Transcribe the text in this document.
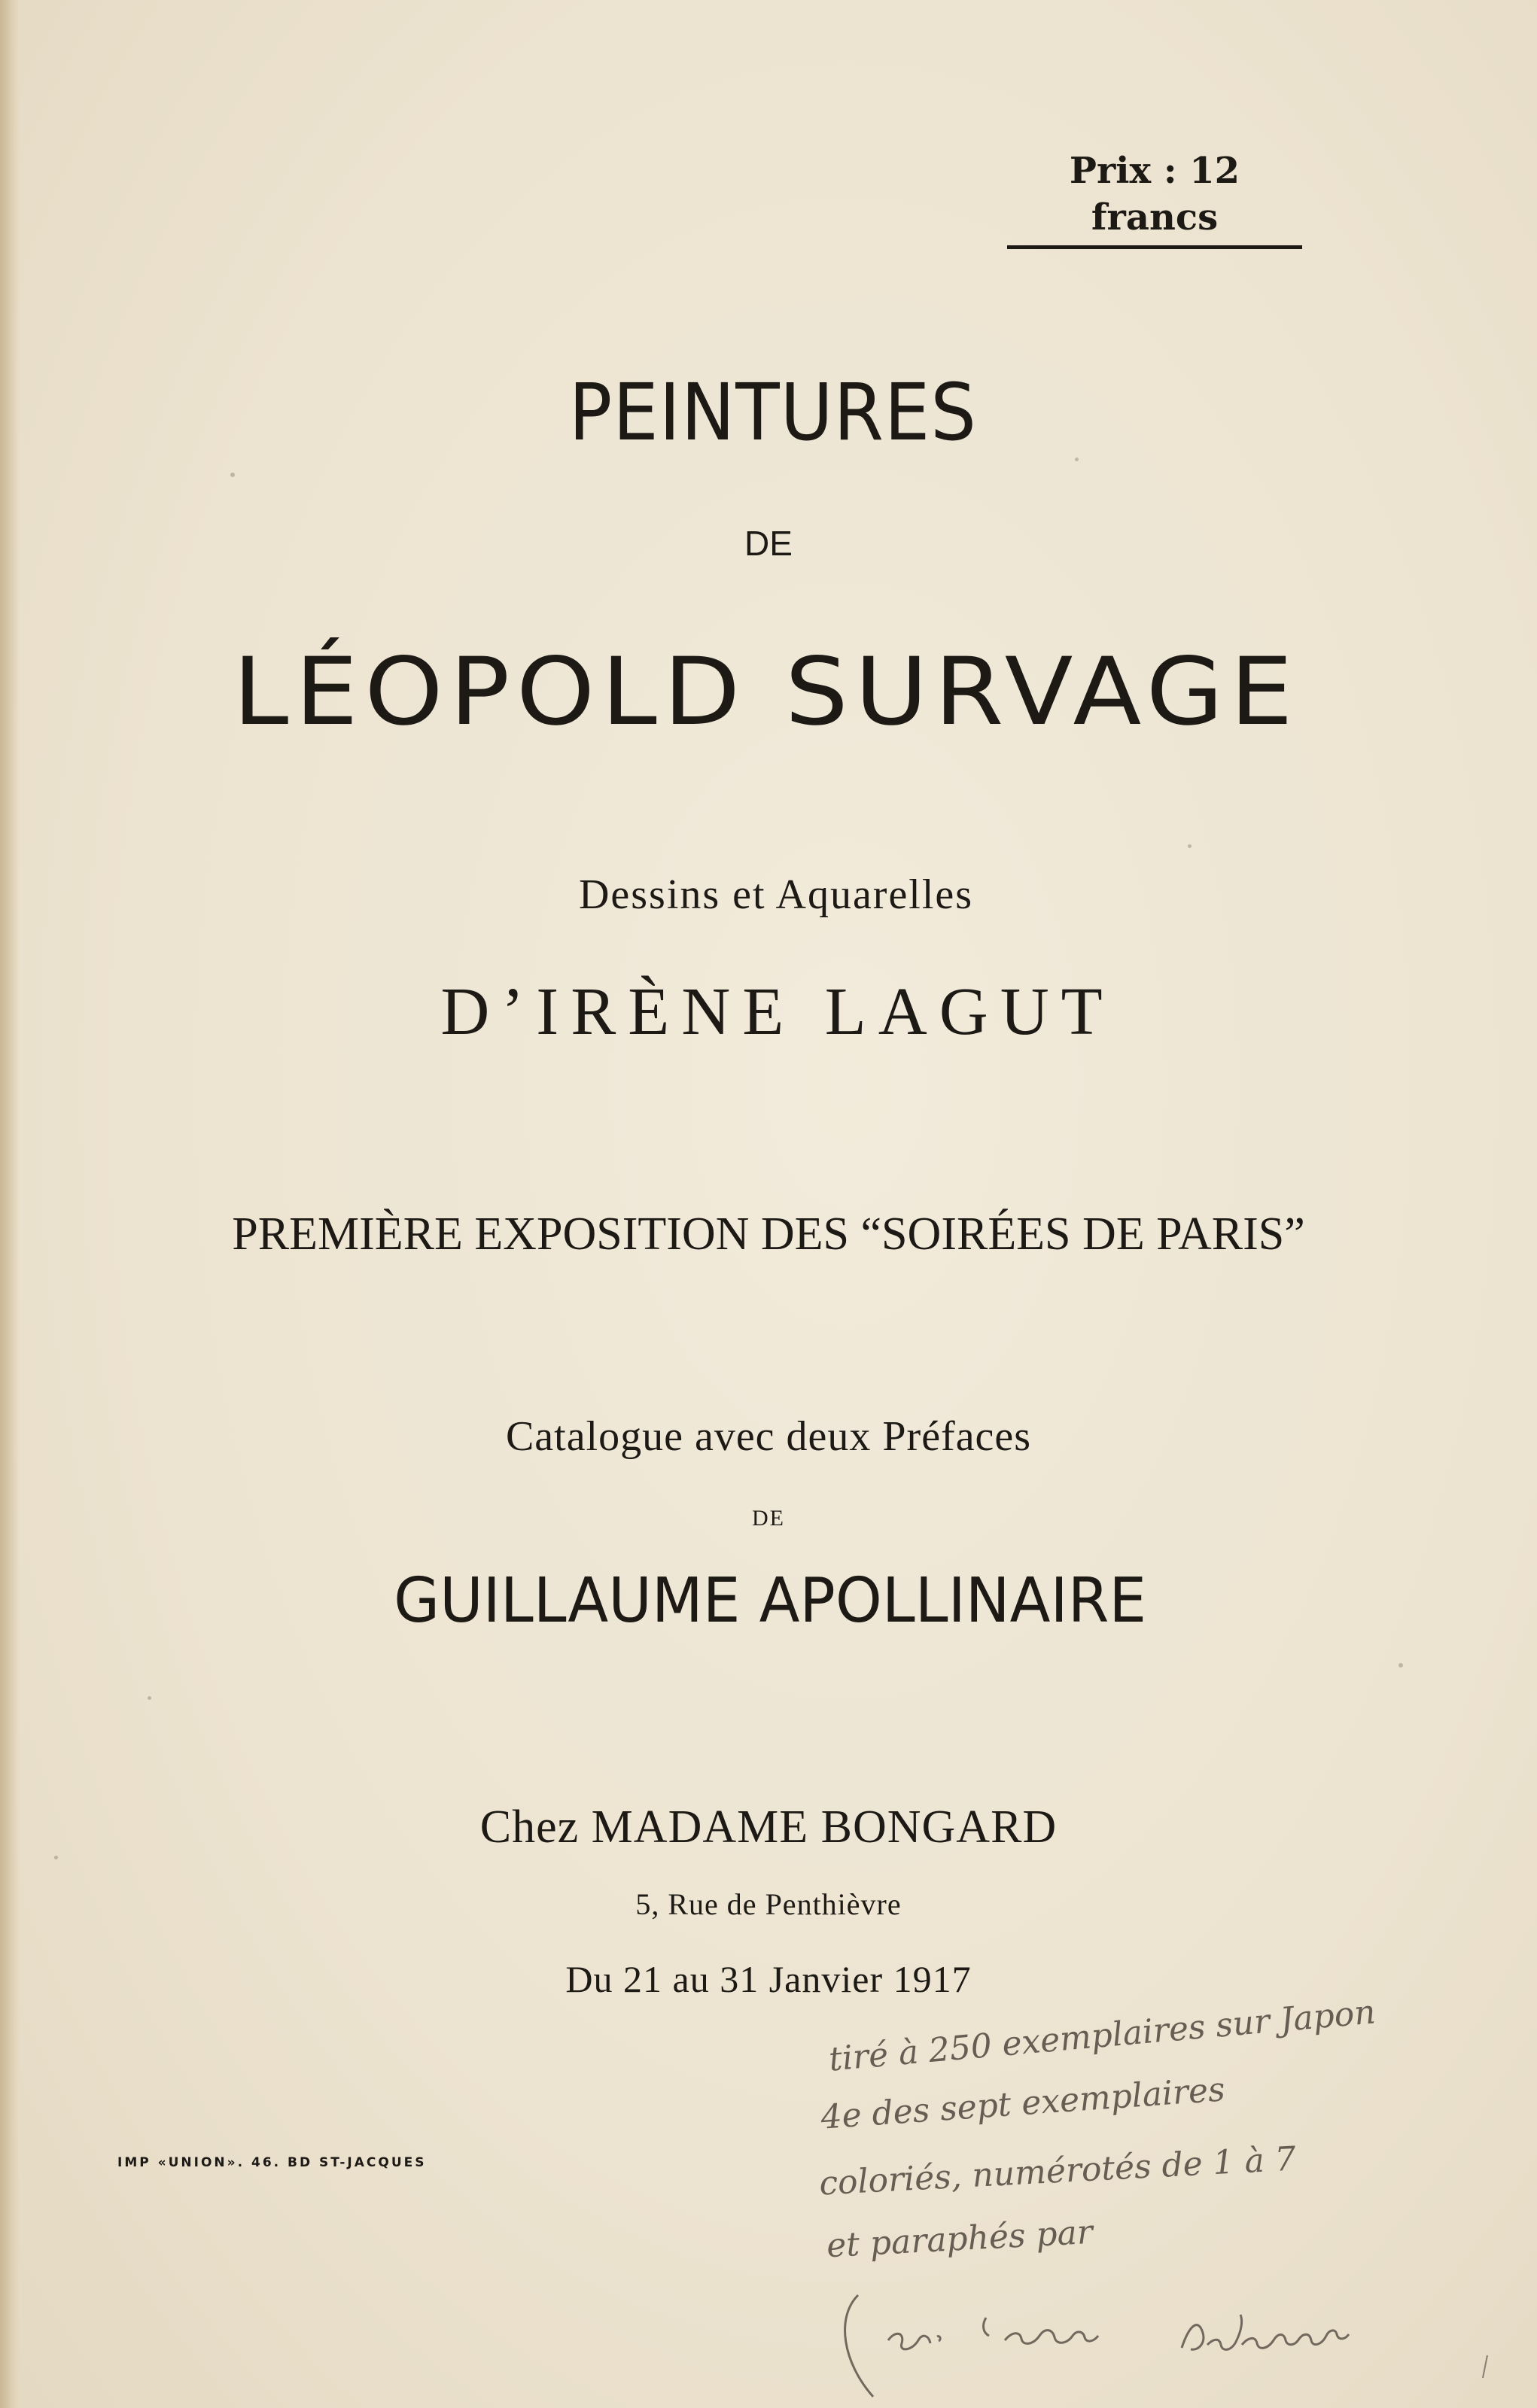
Prix : 12 francs
PEINTURES
DE
LÉOPOLD SURVAGE
Dessins et Aquarelles
D’IRÈNE LAGUT
PREMIÈRE EXPOSITION DES “SOIRÉES DE PARIS”
Catalogue avec deux Préfaces
DE
GUILLAUME APOLLINAIRE
Chez MADAME BONGARD
5, Rue de Penthièvre
Du 21 au 31 Janvier 1917
IMP «UNION». 46. BD ST-JACQUES
tiré à 250 exemplaires sur Japon
4e des sept exemplaires
coloriés, numérotés de 1 à 7
et paraphés par
